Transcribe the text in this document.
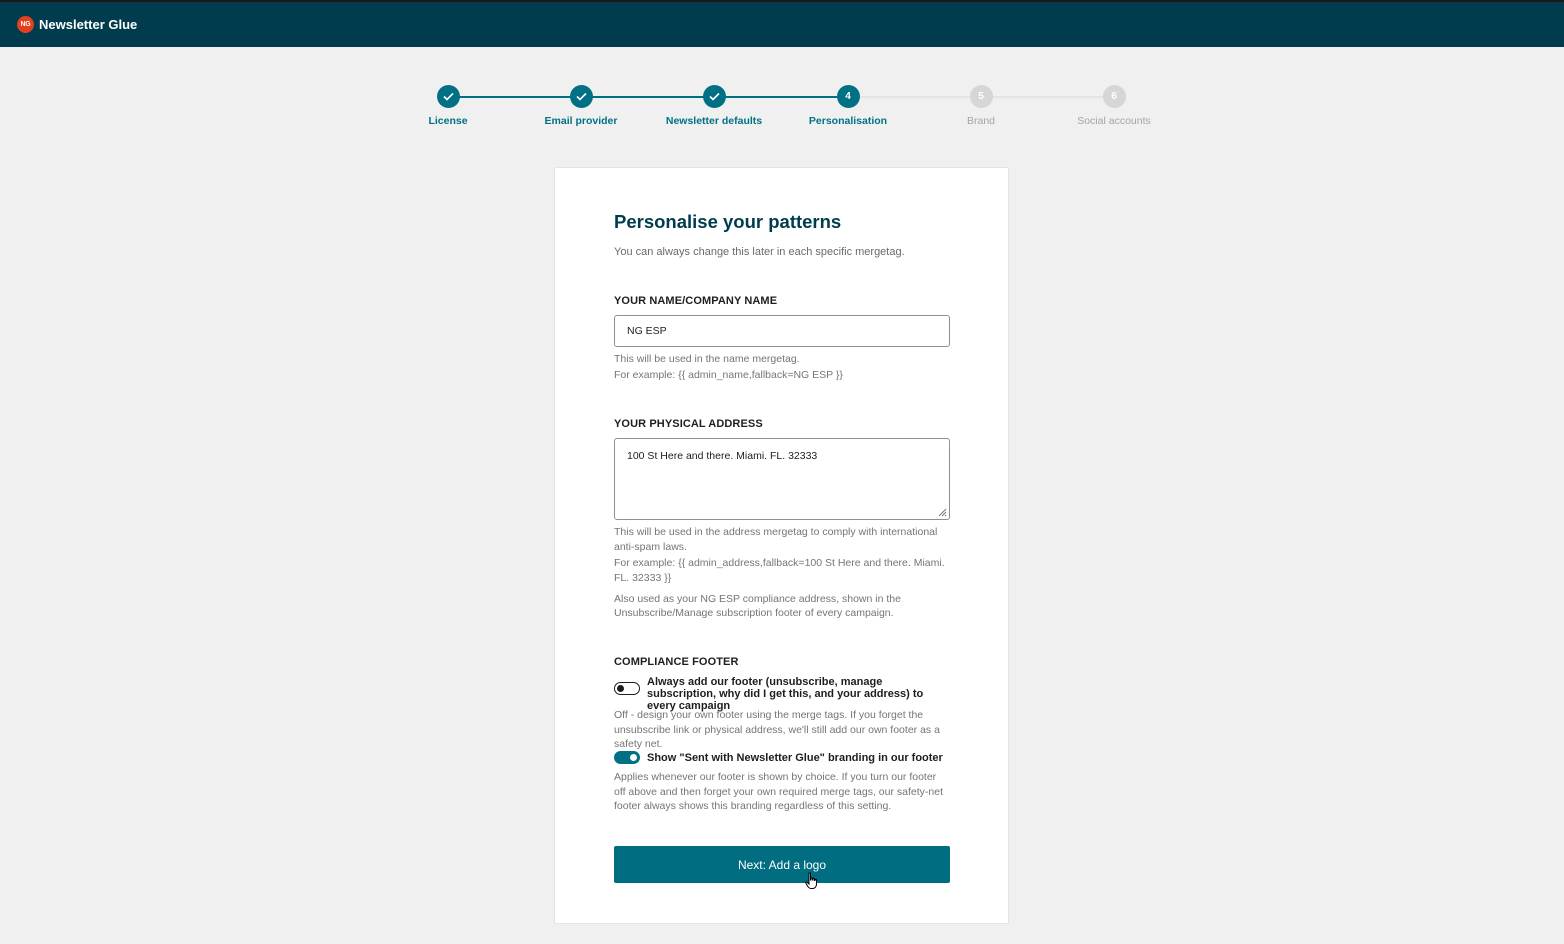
NG Newsletter Glue
License	Email provider	Newsletter defaults
4
Personalisation
5
Brand
6
Social accounts
Personalise your patterns
You can always change this later in each specific mergetag.
YOUR NAME/COMPANY NAME
NG ESP
This will be used in the name mergetag.
For example: {{ admin_name,fallback=NG ESP }}
YOUR PHYSICAL ADDRESS
100 St Here and there. Miami. FL. 32333
This will be used in the address mergetag to comply with international anti-spam laws.
For example: {{ admin_address,fallback=100 St Here and there. Miami. FL. 32333 }}
Also used as your NG ESP compliance address, shown in the Unsubscribe/Manage subscription footer of every campaign.
COMPLIANCE FOOTER
Always add our footer (unsubscribe, manage subscription, why did I get this, and your address) to every campaign
Off - design your own footer using the merge tags. If you forget the unsubscribe link or physical address, we'll still add our own footer as a safety net.
Show "Sent with Newsletter Glue" branding in our footer
Applies whenever our footer is shown by choice. If you turn our footer off above and then forget your own required merge tags, our safety-net footer always shows this branding regardless of this setting.
Next: Add a logo
